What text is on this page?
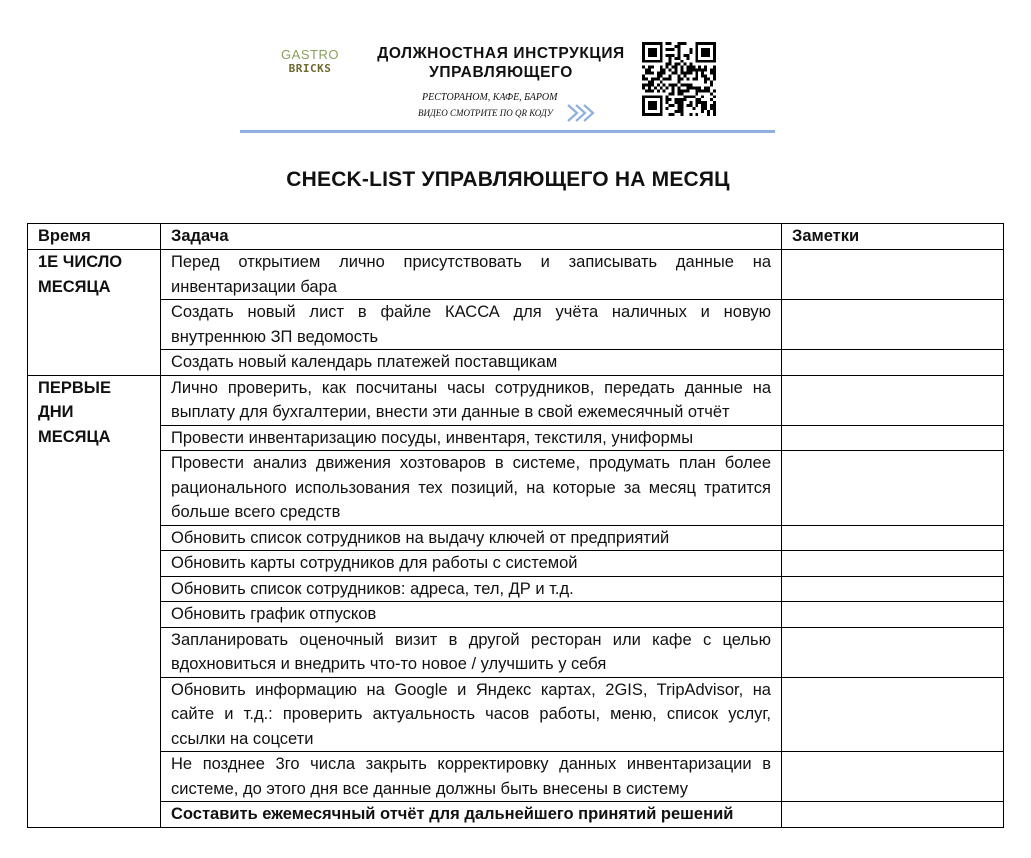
GASTRO
BRICKS
ДОЛЖНОСТНАЯ ИНСТРУКЦИЯ УПРАВЛЯЮЩЕГО
РЕСТОРАНОМ, КАФЕ, БАРОМ
ВИДЕО СМОТРИТЕ ПО QR КОДУ
CHECK-LIST УПРАВЛЯЮЩЕГО НА МЕСЯЦ
Время	Задача	Заметки
1Е ЧИСЛО МЕСЯЦА	Перед открытием лично присутствовать и записывать данные на инвентаризации бара	
	Создать новый лист в файле КАССА для учёта наличных и новую внутреннюю ЗП ведомость	
	Создать новый календарь платежей поставщикам	
ПЕРВЫЕ ДНИ МЕСЯЦА	Лично проверить, как посчитаны часы сотрудников, передать данные на выплату для бухгалтерии, внести эти данные в свой ежемесячный отчёт	
	Провести инвентаризацию посуды, инвентаря, текстиля, униформы	
	Провести анализ движения хозтоваров в системе, продумать план более рационального использования тех позиций, на которые за месяц тратится больше всего средств	
	Обновить список сотрудников на выдачу ключей от предприятий	
	Обновить карты сотрудников для работы с системой	
	Обновить список сотрудников: адреса, тел, ДР и т.д.	
	Обновить график отпусков	
	Запланировать оценочный визит в другой ресторан или кафе с целью вдохновиться и внедрить что-то новое / улучшить у себя	
	Обновить информацию на Google и Яндекс картах, 2GIS, TripAdvisor, на сайте и т.д.: проверить актуальность часов работы, меню, список услуг, ссылки на соцсети	
	Не позднее 3го числа закрыть корректировку данных инвентаризации в системе, до этого дня все данные должны быть внесены в систему	
	Составить ежемесячный отчёт для дальнейшего принятий решений	
